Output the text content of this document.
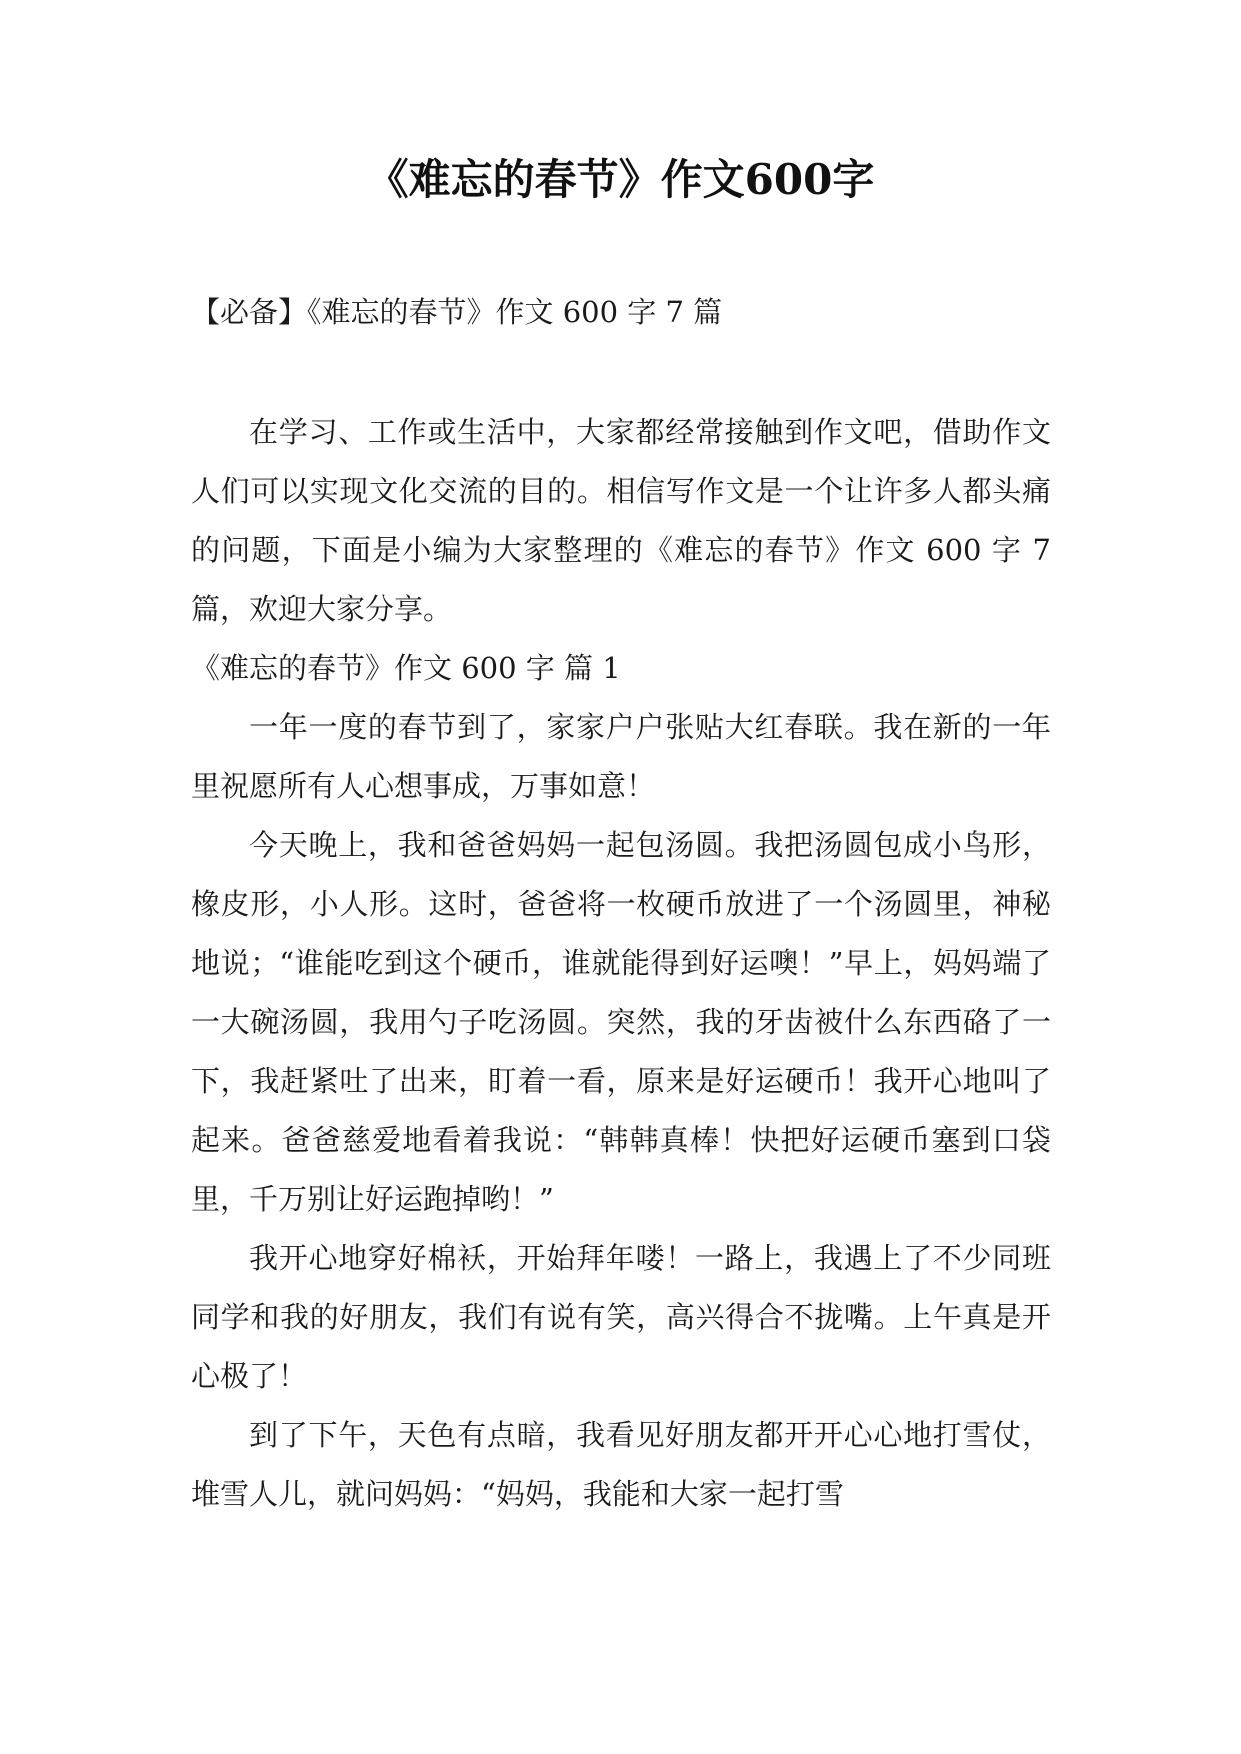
《难忘的春节》作文600字
【必备】《难忘的春节》作文 600 字 7 篇

在学习、工作或生活中，大家都经常接触到作文吧，借助作文人们可以实现文化交流的目的。相信写作文是一个让许多人都头痛的问题，下面是小编为大家整理的《难忘的春节》作文 600 字 7 篇，欢迎大家分享。

《难忘的春节》作文 600 字 篇 1

一年一度的春节到了，家家户户张贴大红春联。我在新的一年里祝愿所有人心想事成，万事如意！

今天晚上，我和爸爸妈妈一起包汤圆。我把汤圆包成小鸟形，橡皮形，小人形。这时，爸爸将一枚硬币放进了一个汤圆里，神秘地说；“谁能吃到这个硬币，谁就能得到好运噢！”早上，妈妈端了一大碗汤圆，我用勺子吃汤圆。突然，我的牙齿被什么东西硌了一下，我赶紧吐了出来，盯着一看，原来是好运硬币！我开心地叫了起来。爸爸慈爱地看着我说：“韩韩真棒！快把好运硬币塞到口袋里，千万别让好运跑掉哟！”

我开心地穿好棉袄，开始拜年喽！一路上，我遇上了不少同班同学和我的好朋友，我们有说有笑，高兴得合不拢嘴。上午真是开心极了！

到了下午，天色有点暗，我看见好朋友都开开心心地打雪仗，堆雪人儿，就问妈妈：“妈妈，我能和大家一起打雪
